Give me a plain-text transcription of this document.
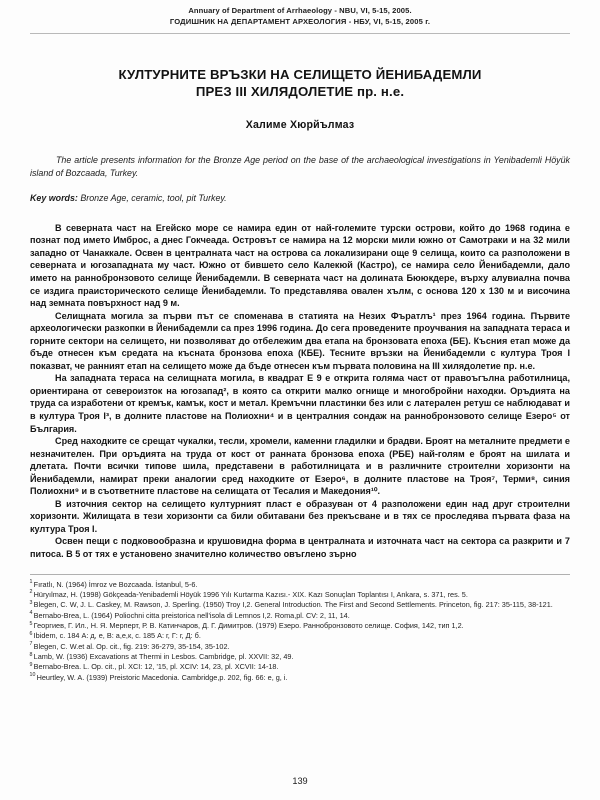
Annuary of Department of Arrhaeology - NBU, VI, 5-15, 2005.
ГОДИШНИК НА ДЕПАРТАМЕНТ АРХЕОЛОГИЯ - НБУ, VI, 5-15, 2005 г.
КУЛТУРНИТЕ ВРЪЗКИ НА СЕЛИЩЕТО ЙЕНИБАДЕМЛИ
ПРЕЗ III ХИЛЯДОЛЕТИЕ пр. н.е.
Халиме Хюрйълмаз
The article presents information for the Bronze Age period on the base of the archaeological investigations in Yenibademli Höyük island of Bozcaada, Turkey.
Key words: Bronze Age, ceramic, tool, pit Turkey.

В северната част на Егейско море се намира един от най-големите турски острови, който до 1968 година е познат под името Имброс, а днес Гокчеада. Островът се намира на 12 морски мили южно от Самотраки и на 32 мили западно от Чанаккале. Освен в централната част на острова са локализирани още 9 селища, които са разположени в северната и югозападната му част. Южно от бившето село Калекюй (Кастро), се намира село Йенибадемли, дало името на раннобронзовото селище Йенибадемли. В северната част на долината Бююкдере, върху алувиална почва се издига праисторическото селище Йенибадемли. То представлява овален хълм, с основа 120 х 130 м и височина над земната повърхност над 9 м.

Селищната могила за първи път се споменава в статията на Незих Фъратлъ¹ през 1964 година. Първите археологически разкопки в Йенибадемли са през 1996 година. До сега проведените проучвания на западната тераса и горните сектори на селището, ни позволяват до отбележим два етапа на бронзовата епоха (БЕ). Късния етап може да бъде отнесен към средата на късната бронзова епоха (КБЕ). Тесните връзки на Йенибадемли с култура Троя I показват, че ранният етап на селището може да бъде отнесен към първата половина на III хилядолетие пр. н.е.

На западната тераса на селищната могила, в квадрат Е 9 е открита голяма част от правоъгълна работилница, ориентирана от североизток на югозапад², в която са открити малко огнище и многобройни находки. Оръдията на труда са изработени от кремък, камък, кост и метал. Кремъчни пластинки без или с латерален ретуш се наблюдават и в култура Троя I³, в долните пластове на Полиохни⁴ и в централния сондаж на раннобронзовото селище Езеро⁵ от България.

Сред находките се срещат чукалки, тесли, хромели, каменни гладилки и брадви. Броят на металните предмети е незначителен. При оръдията на труда от кост от ранната бронзова епоха (РБЕ) най-голям е броят на шилата и длетата. Почти всички типове шила, представени в работилницата и в различните строителни хоризонти на Йенибадемли, намират преки аналогии сред находките от Езеро⁶, в долните пластове на Троя⁷, Терми⁸, синия Полиохни⁹ и в съответните пластове на селищата от Тесалия и Македония¹⁰.

В източния сектор на селището културният пласт е образуван от 4 разположени един над друг строителни хоризонти. Жилищата в тези хоризонти са били обитавани без прекъсване и в тях се проследява първата фаза на култура Троя I.

Освен пещи с подковообразна и крушовидна форма в централната и източната част на сектора са разкрити и 7 питоса. В 5 от тях е установено значително количество овъглено зърно

$^1$Fıratlı, N. (1964) İmroz ve Bozcaada. İstanbul, 5-6.

$^2$Hüryılmaz, H. (1998) Gökçeada-Yenibademli Höyük 1996 Yılı Kurtarma Kazısı.- XIX. Kazı Sonuçları Toplantısı I, Ankara, s. 371, res. 5.

$^3$Blegen, C. W, J. L. Caskey, M. Rawson, J. Sperling. (1950) Troy I,2. General Introduction. The First and Second Settlements. Princeton, fig. 217: 35-115, 38-121.

$^4$Bernabo-Brea, L. (1964) Poliochni citta preistorica nell'isola di Lemnos I,2. Roma,pl. CV: 2, 11, 14.

$^5$Георгиев, Г. Ил., Н. Я. Мерперт, Р. В. Катинчаров, Д. Г. Димитров. (1979) Езеро. Раннобронзовото селище. София, 142, тип 1,2.

$^6$Ibidem, с. 184 А: д, е, В: а,е,к, с. 185 А: г, Г: г, Д: б.

$^7$Blegen, C. W.et al. Op. cit., fig. 219: 36-279, 35-154, 35-102.

$^8$Lamb, W. (1936) Excavations at Thermi in Lesbos. Cambridge, pl. XXVII: 32, 49.

$^9$Bernabo-Brea. L. Op. cit., pl. XCI: 12, '15, pl. XCIV: 14, 23, pl. XCVII: 14-18.

$^{10}$Heurtley, W. A. (1939) Preistoric Macedonia. Cambridge,p. 202, fig. 66: e, g, i.

139
